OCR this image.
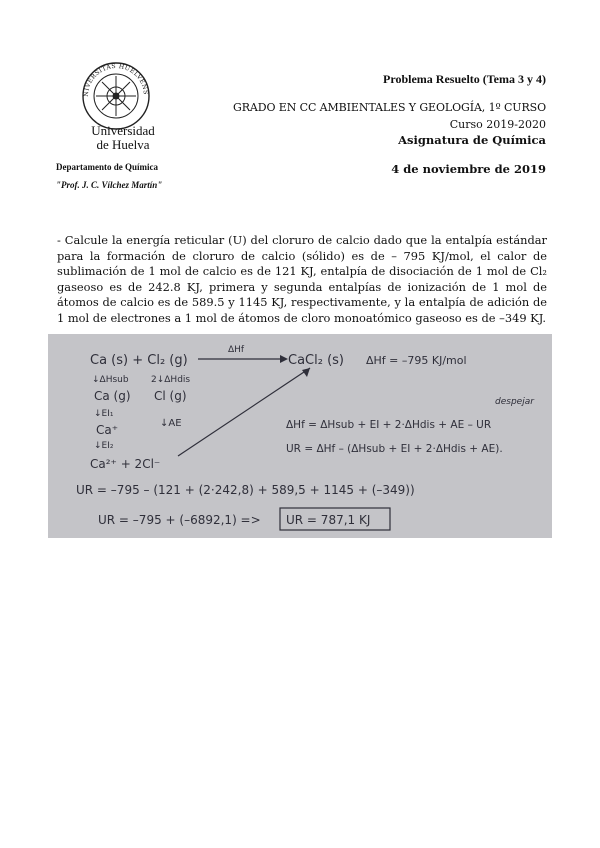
NIVERSITAS HUELVENS
Universidad
de Huelva
Departamento de Química
"Prof. J. C. Vílchez Martín"
Problema Resuelto (Tema 3 y 4)
GRADO EN CC AMBIENTALES Y GEOLOGÍA, 1º CURSO
Curso 2019-2020
Asignatura de Química
4 de noviembre de 2019
- Calcule la energía reticular (U) del cloruro de calcio dado que la entalpía estándar para la formación de cloruro de calcio (sólido) es de – 795 KJ/mol, el calor de sublimación de 1 mol de calcio es de 121 KJ, entalpía de disociación de 1 mol de Cl₂ gaseoso es de 242.8 KJ, primera y segunda entalpías de ionización de 1 mol de átomos de calcio es de 589.5 y 1145 KJ, respectivamente, y la entalpía de adición de 1 mol de electrones a 1 mol de átomos de cloro monoatómico gaseoso es de –349 KJ.
Ca (s) + Cl₂ (g)
ΔHf
CaCl₂ (s) ΔHf = –795 KJ/mol
↓ΔHsub 2↓ΔHdis
Ca (g) Cl (g)
↓EI₁
Ca⁺	↓AE
↓EI₂
Ca²⁺ + 2Cl⁻
despejar
ΔHf = ΔHsub + EI + 2·ΔHdis + AE – UR
UR = ΔHf – (ΔHsub + EI + 2·ΔHdis + AE).
UR = –795 – (121 + (2·242,8) + 589,5 + 1145 + (–349))
UR = –795 + (–6892,1) => UR = 787,1 KJ
